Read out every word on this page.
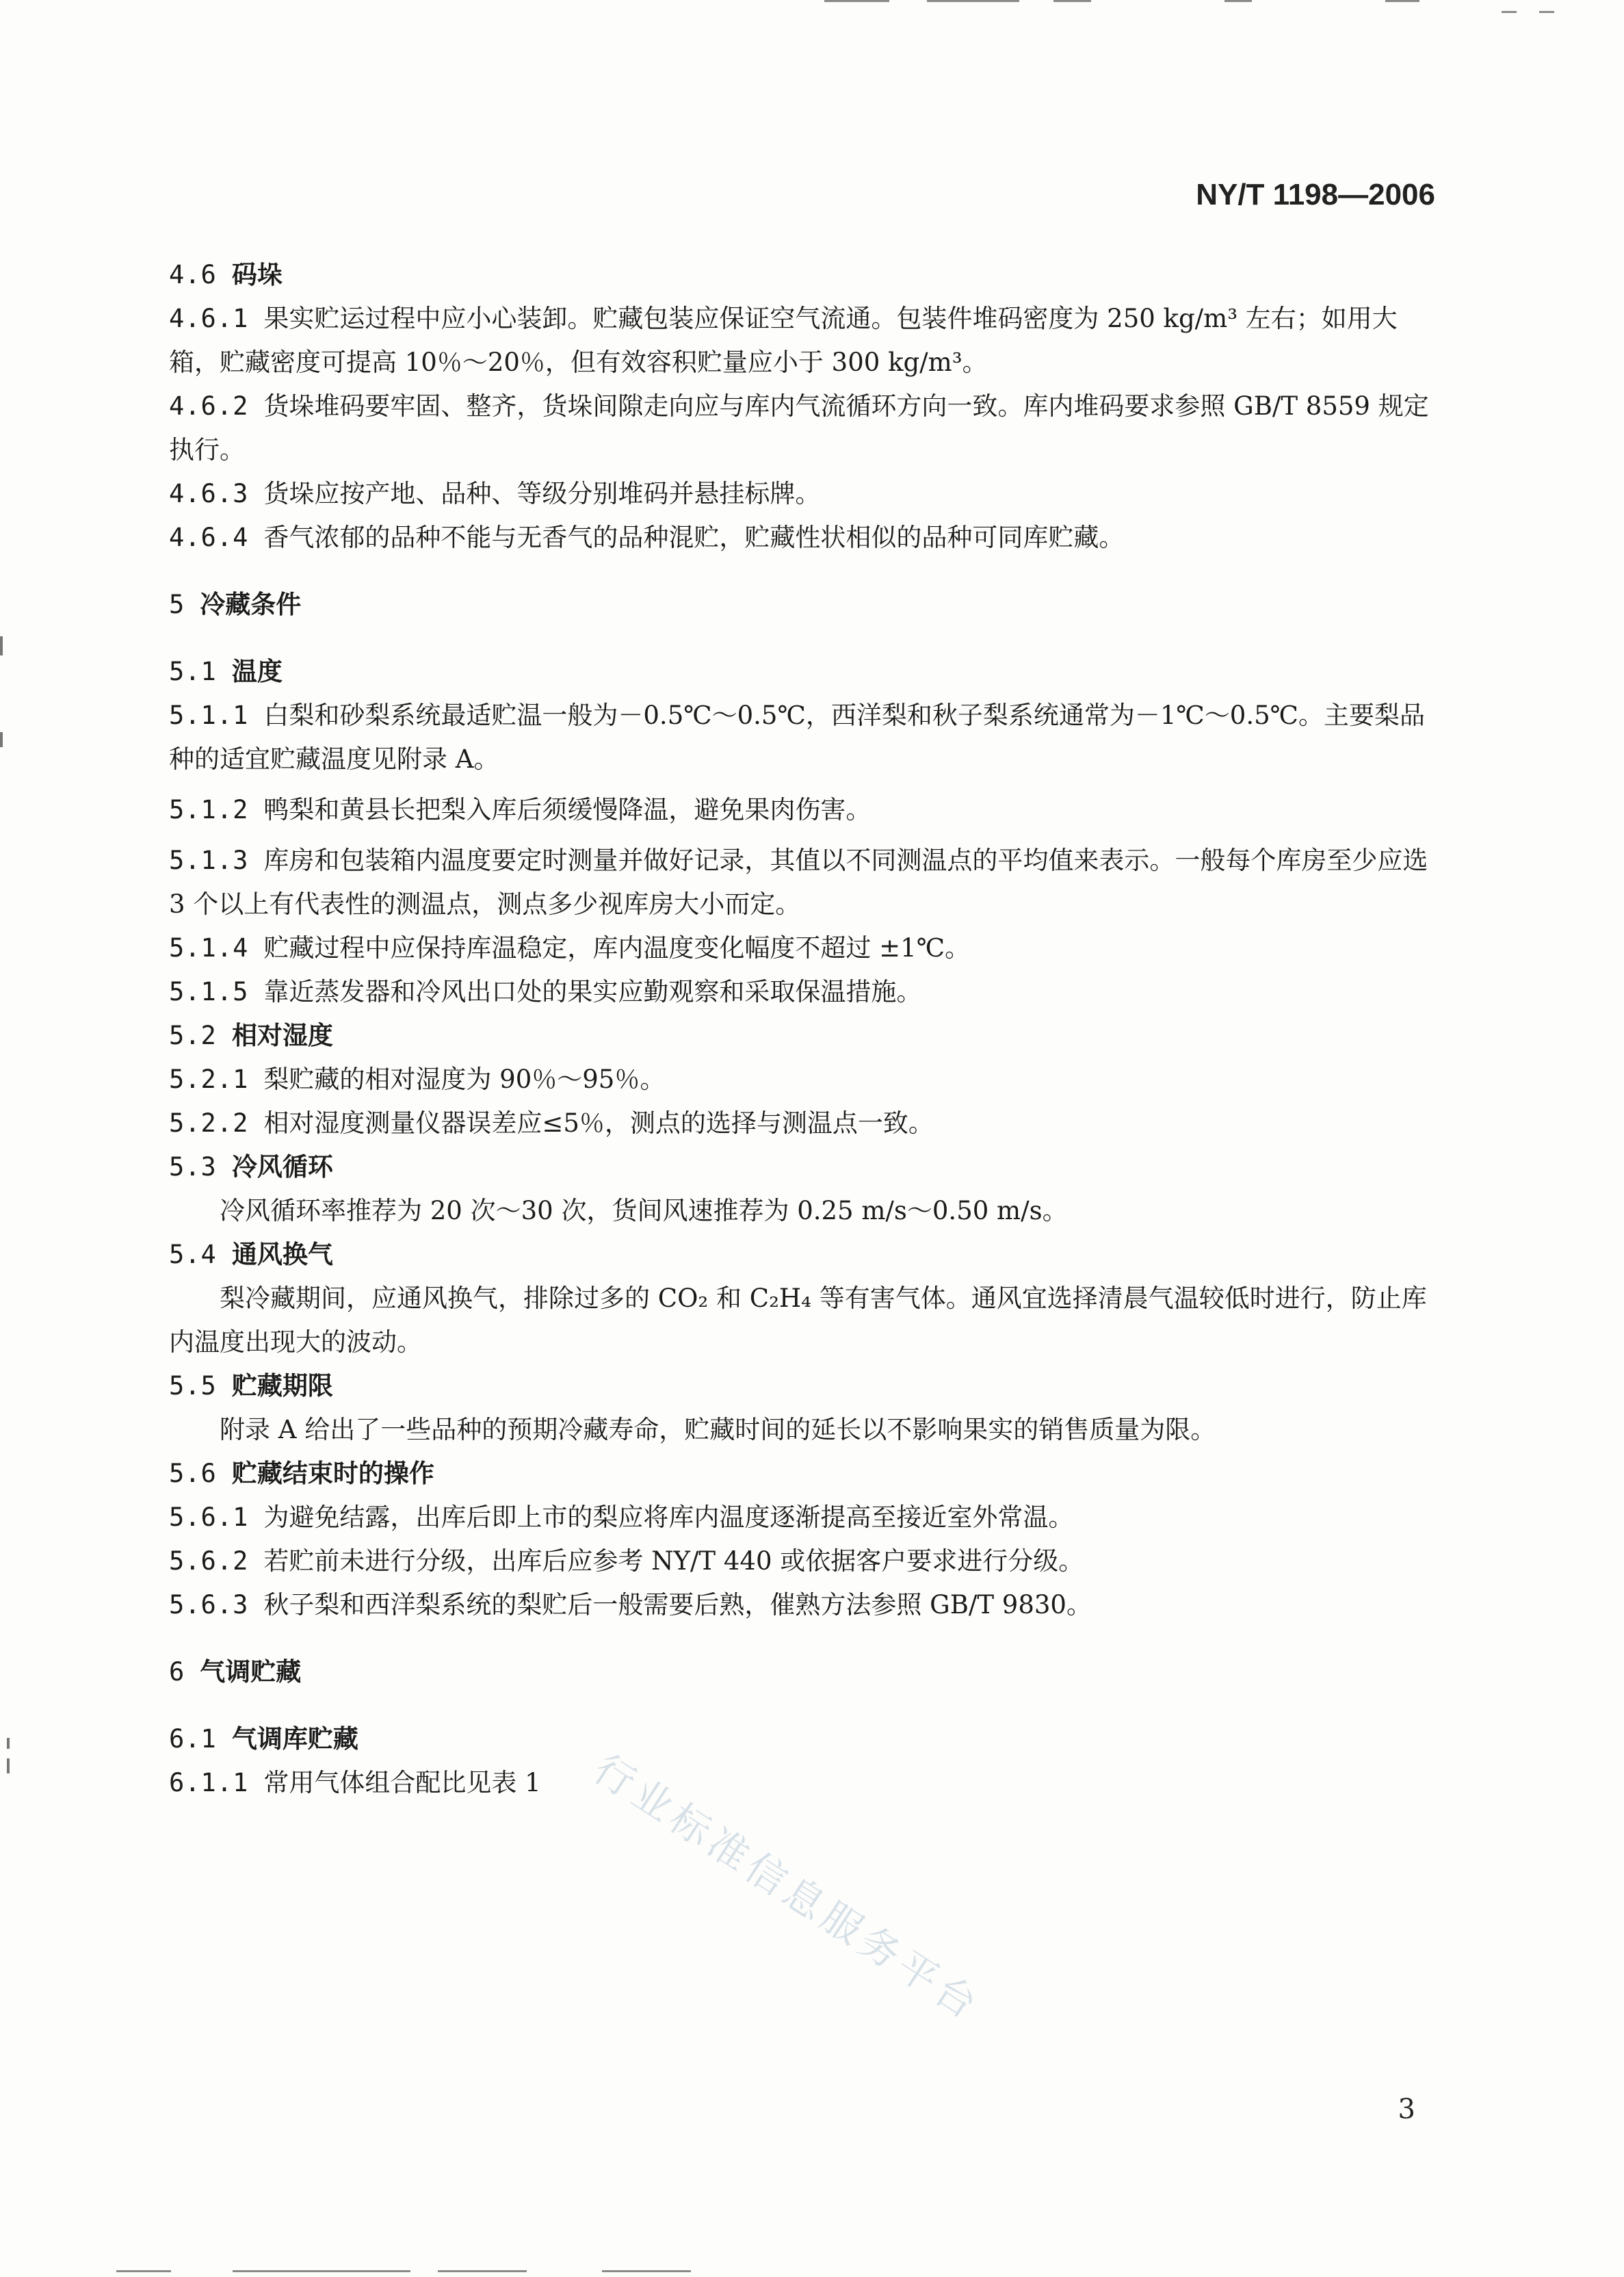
NY/T 1198—2006

4.6 码垛

4.6.1 果实贮运过程中应小心装卸。贮藏包装应保证空气流通。包装件堆码密度为 250 kg/m³ 左右；如用大箱，贮藏密度可提高 10％～20％，但有效容积贮量应小于 300 kg/m³。

4.6.2 货垛堆码要牢固、整齐，货垛间隙走向应与库内气流循环方向一致。库内堆码要求参照 GB/T 8559 规定执行。

4.6.3 货垛应按产地、品种、等级分别堆码并悬挂标牌。

4.6.4 香气浓郁的品种不能与无香气的品种混贮，贮藏性状相似的品种可同库贮藏。

5 冷藏条件

5.1 温度

5.1.1 白梨和砂梨系统最适贮温一般为－0.5℃～0.5℃，西洋梨和秋子梨系统通常为－1℃～0.5℃。主要梨品种的适宜贮藏温度见附录 A。

5.1.2 鸭梨和黄县长把梨入库后须缓慢降温，避免果肉伤害。

5.1.3 库房和包装箱内温度要定时测量并做好记录，其值以不同测温点的平均值来表示。一般每个库房至少应选 3 个以上有代表性的测温点，测点多少视库房大小而定。

5.1.4 贮藏过程中应保持库温稳定，库内温度变化幅度不超过 ±1℃。

5.1.5 靠近蒸发器和冷风出口处的果实应勤观察和采取保温措施。

5.2 相对湿度

5.2.1 梨贮藏的相对湿度为 90％～95％。

5.2.2 相对湿度测量仪器误差应≤5％，测点的选择与测温点一致。

5.3 冷风循环

冷风循环率推荐为 20 次～30 次，货间风速推荐为 0.25 m/s～0.50 m/s。

5.4 通风换气

梨冷藏期间，应通风换气，排除过多的 CO₂ 和 C₂H₄ 等有害气体。通风宜选择清晨气温较低时进行，防止库内温度出现大的波动。

5.5 贮藏期限

附录 A 给出了一些品种的预期冷藏寿命，贮藏时间的延长以不影响果实的销售质量为限。

5.6 贮藏结束时的操作

5.6.1 为避免结露，出库后即上市的梨应将库内温度逐渐提高至接近室外常温。

5.6.2 若贮前未进行分级，出库后应参考 NY/T 440 或依据客户要求进行分级。

5.6.3 秋子梨和西洋梨系统的梨贮后一般需要后熟，催熟方法参照 GB/T 9830。

6 气调贮藏

6.1 气调库贮藏

6.1.1 常用气体组合配比见表 1	行业标准信息服务平台
3
